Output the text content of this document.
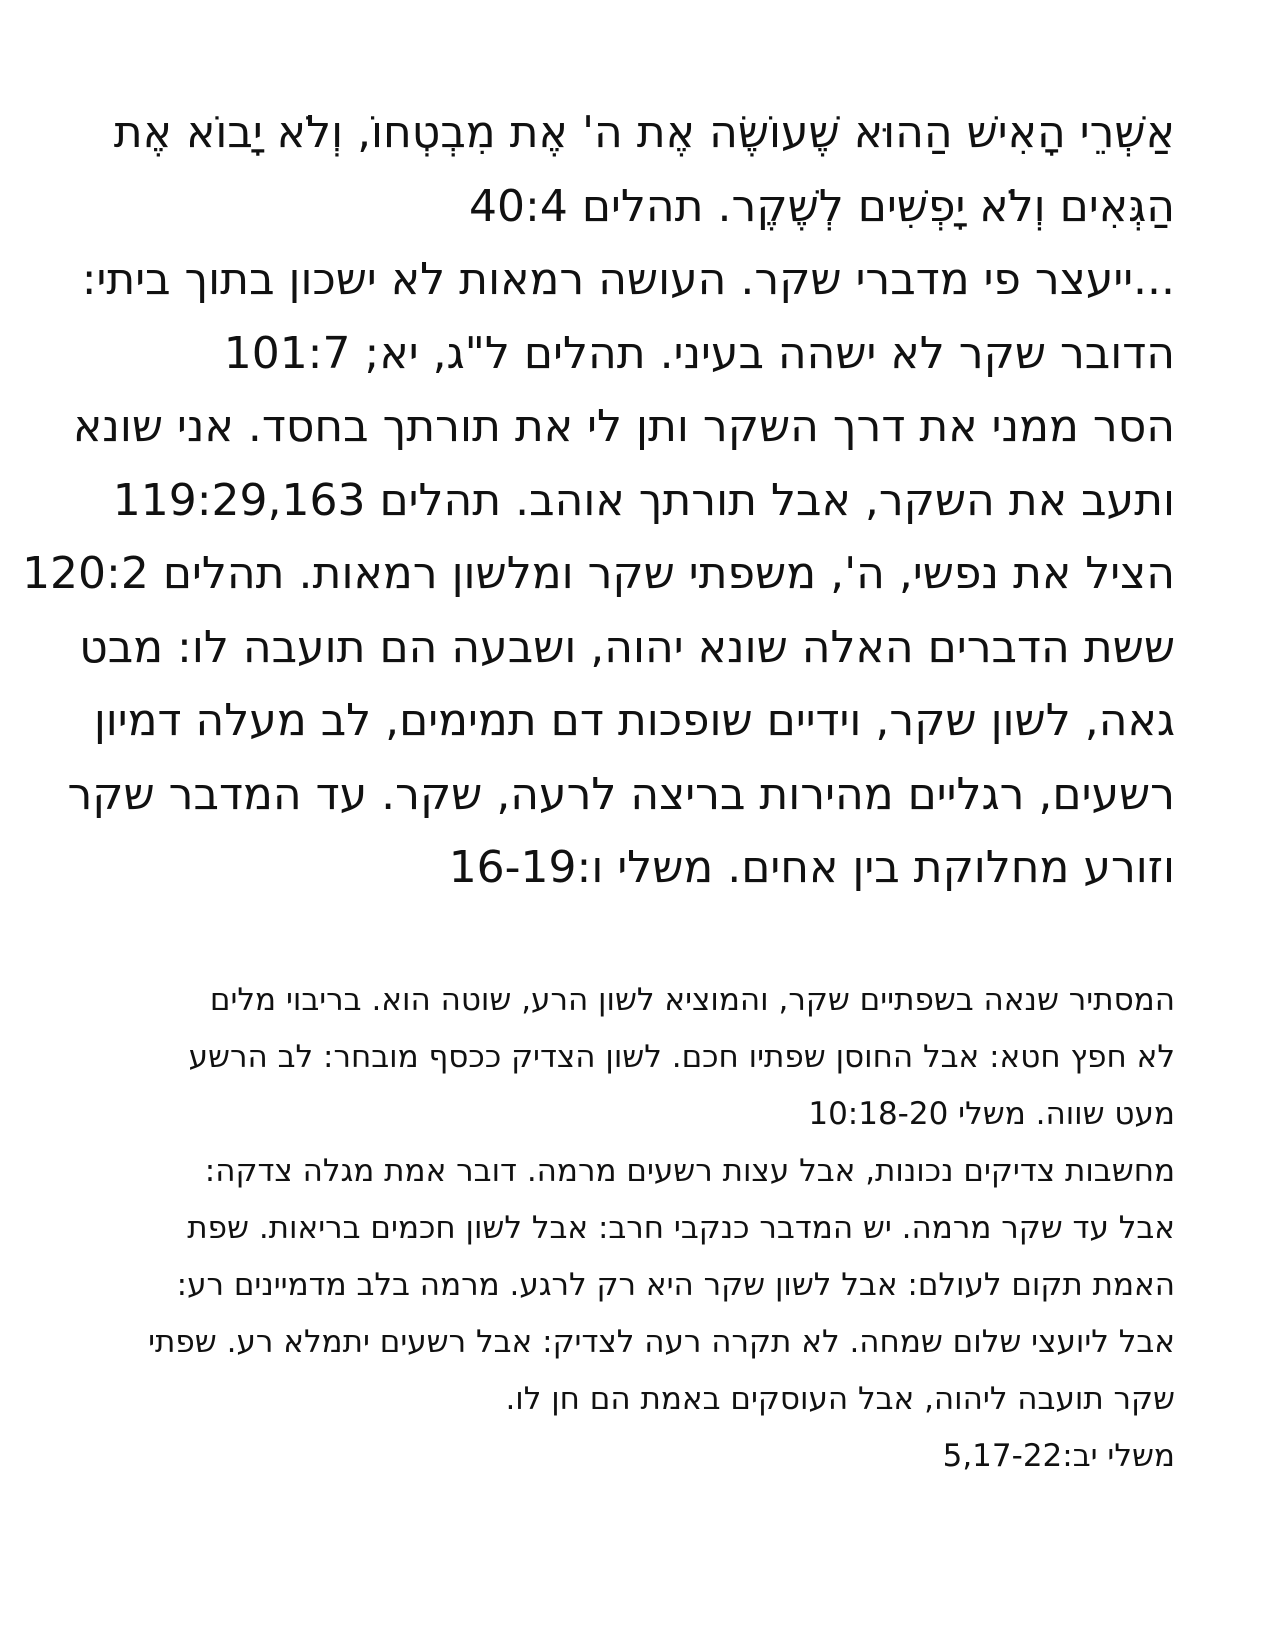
אַשְׁרֵי הָאִישׁ הַהוּא שֶׁעוֹשֶׂה אֶת ה' אֶת מִבְטְחוֹ, וְלֹא יָבוֹא אֶת
הַגְּאִים וְלֹא יָפְשִׁים לְשֶׁקֶר. תהלים 40:4
...ייעצר פי מדברי שקר. העושה רמאות לא ישכון בתוך ביתי:
הדובר שקר לא ישהה בעיני. תהלים ל"ג, יא; 101:7
הסר ממני את דרך השקר ותן לי את תורתך בחסד. אני שונא
ותעב את השקר, אבל תורתך אוהב. תהלים 119:29,163
הציל את נפשי, ה', משפתי שקר ומלשון רמאות. תהלים 120:2
ששת הדברים האלה שונא יהוה, ושבעה הם תועבה לו: מבט
גאה, לשון שקר, וידיים שופכות דם תמימים, לב מעלה דמיון
רשעים, רגליים מהירות בריצה לרעה, שקר. עד המדבר שקר
וזורע מחלוקת בין אחים. משלי ו:16-19
המסתיר שנאה בשפתיים שקר, והמוציא לשון הרע, שוטה הוא. בריבוי מלים
לא חפץ חטא: אבל החוסן שפתיו חכם. לשון הצדיק ככסף מובחר: לב הרשע
מעט שווה. משלי 10:18-20
מחשבות צדיקים נכונות, אבל עצות רשעים מרמה. דובר אמת מגלה צדקה:
אבל עד שקר מרמה. יש המדבר כנקבי חרב: אבל לשון חכמים בריאות. שפת
האמת תקום לעולם: אבל לשון שקר היא רק לרגע. מרמה בלב מדמיינים רע:
אבל ליועצי שלום שמחה. לא תקרה רעה לצדיק: אבל רשעים יתמלא רע. שפתי
שקר תועבה ליהוה, אבל העוסקים באמת הם חן לו.
משלי יב:5,17-22
